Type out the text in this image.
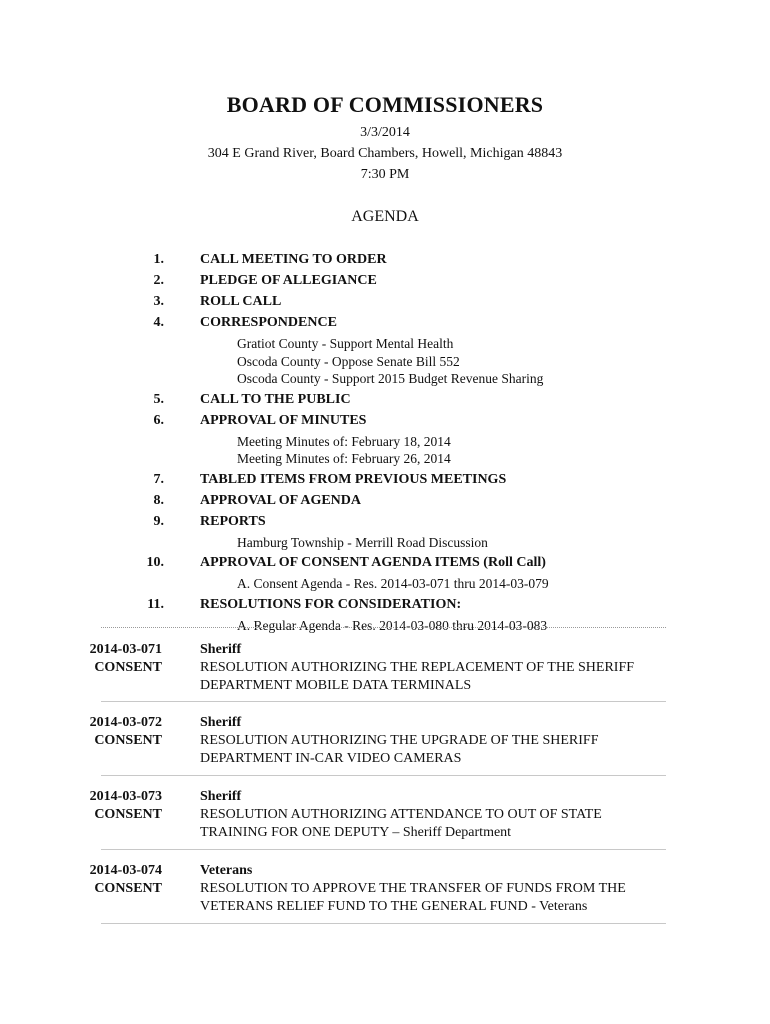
BOARD OF COMMISSIONERS
3/3/2014
304 E Grand River, Board Chambers, Howell, Michigan 48843
7:30 PM
AGENDA
1.	CALL MEETING TO ORDER
2.	PLEDGE OF ALLEGIANCE
3.	ROLL CALL
4.	CORRESPONDENCE
Gratiot County - Support Mental Health
Oscoda County - Oppose Senate Bill 552
Oscoda County - Support 2015 Budget Revenue Sharing
5.	CALL TO THE PUBLIC
6.	APPROVAL OF MINUTES
Meeting Minutes of: February 18, 2014
Meeting Minutes of: February 26, 2014
7.	TABLED ITEMS FROM PREVIOUS MEETINGS
8.	APPROVAL OF AGENDA
9.	REPORTS
Hamburg Township - Merrill Road Discussion
10.	APPROVAL OF CONSENT AGENDA ITEMS (Roll Call)
A. Consent Agenda - Res. 2014-03-071 thru 2014-03-079
11.	RESOLUTIONS FOR CONSIDERATION:
A. Regular Agenda - Res. 2014-03-080 thru 2014-03-083
2014-03-071
CONSENT
Sheriff
RESOLUTION AUTHORIZING THE REPLACEMENT OF THE SHERIFF
DEPARTMENT MOBILE DATA TERMINALS
2014-03-072
CONSENT
Sheriff
RESOLUTION AUTHORIZING THE UPGRADE OF THE SHERIFF
DEPARTMENT IN-CAR VIDEO CAMERAS
2014-03-073
CONSENT
Sheriff
RESOLUTION AUTHORIZING ATTENDANCE TO OUT OF STATE
TRAINING FOR ONE DEPUTY – Sheriff Department
2014-03-074
CONSENT
Veterans
RESOLUTION TO APPROVE THE TRANSFER OF FUNDS FROM THE
VETERANS RELIEF FUND TO THE GENERAL FUND - Veterans
